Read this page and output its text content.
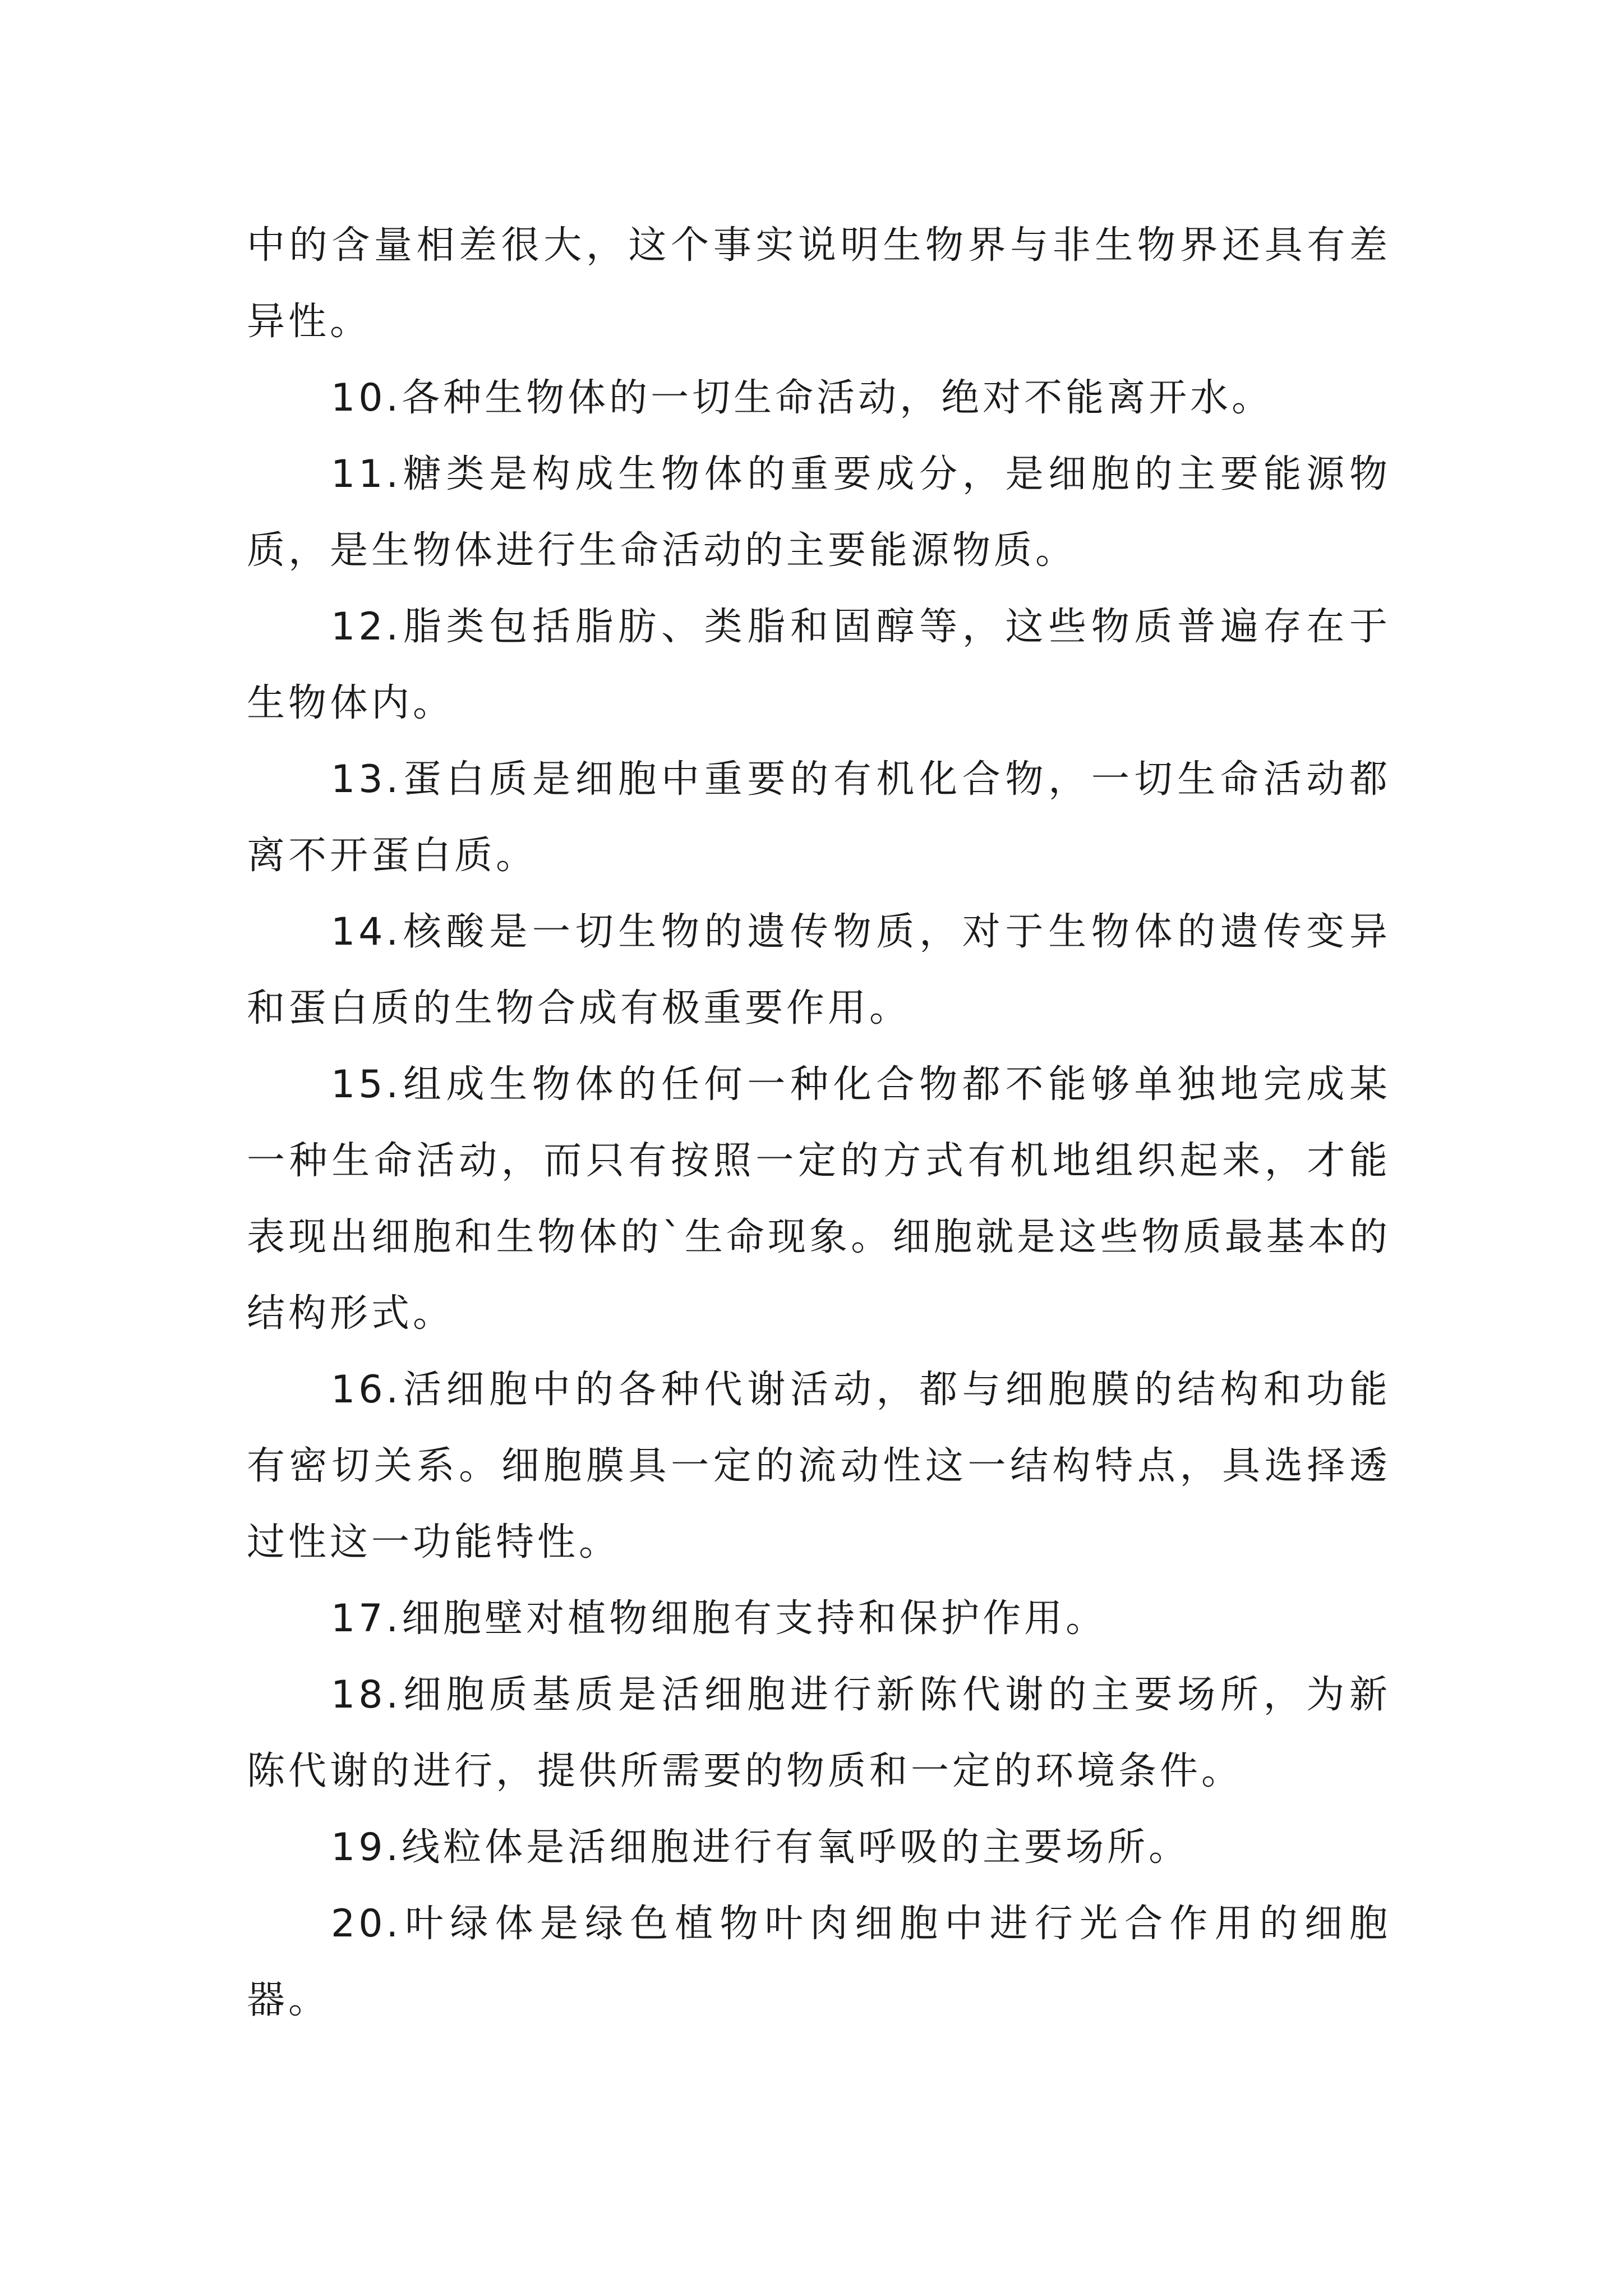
中的含量相差很大，这个事实说明生物界与非生物界还具有差异性。

10.各种生物体的一切生命活动，绝对不能离开水。

11.糖类是构成生物体的重要成分，是细胞的主要能源物质，是生物体进行生命活动的主要能源物质。

12.脂类包括脂肪、类脂和固醇等，这些物质普遍存在于生物体内。

13.蛋白质是细胞中重要的有机化合物，一切生命活动都离不开蛋白质。

14.核酸是一切生物的遗传物质，对于生物体的遗传变异和蛋白质的生物合成有极重要作用。

15.组成生物体的任何一种化合物都不能够单独地完成某一种生命活动，而只有按照一定的方式有机地组织起来，才能表现出细胞和生物体的`生命现象。细胞就是这些物质最基本的结构形式。

16.活细胞中的各种代谢活动，都与细胞膜的结构和功能有密切关系。细胞膜具一定的流动性这一结构特点，具选择透过性这一功能特性。

17.细胞壁对植物细胞有支持和保护作用。

18.细胞质基质是活细胞进行新陈代谢的主要场所，为新陈代谢的进行，提供所需要的物质和一定的环境条件。

19.线粒体是活细胞进行有氧呼吸的主要场所。

20.叶绿体是绿色植物叶肉细胞中进行光合作用的细胞器。
